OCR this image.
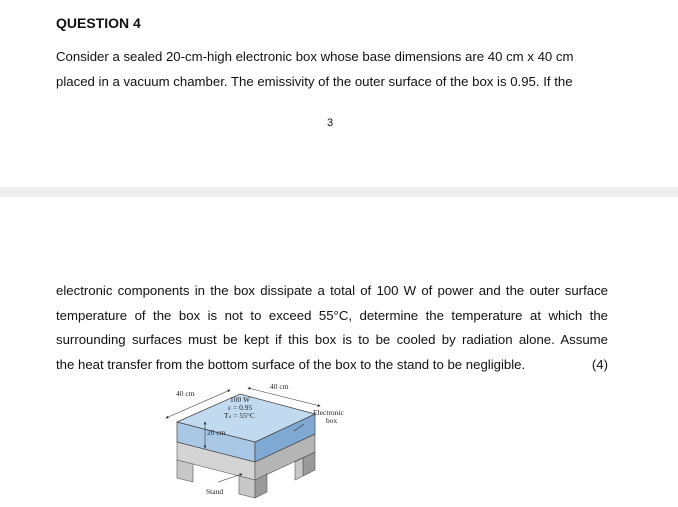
QUESTION 4
Consider a sealed 20-cm-high electronic box whose base dimensions are 40 cm x 40 cm
placed in a vacuum chamber. The emissivity of the outer surface of the box is 0.95. If the
3
electronic components in the box dissipate a total of 100 W of power and the outer surface
temperature of the box is not to exceed 55°C, determine the temperature at which the
surrounding surfaces must be kept if this box is to be cooled by radiation alone. Assume
the heat transfer from the bottom surface of the box to the stand to be negligible.	(4)
40 cm
40 cm
20 cm
100 W
ε = 0.95
Tₛ = 55°C	Electronic
box
Stand
